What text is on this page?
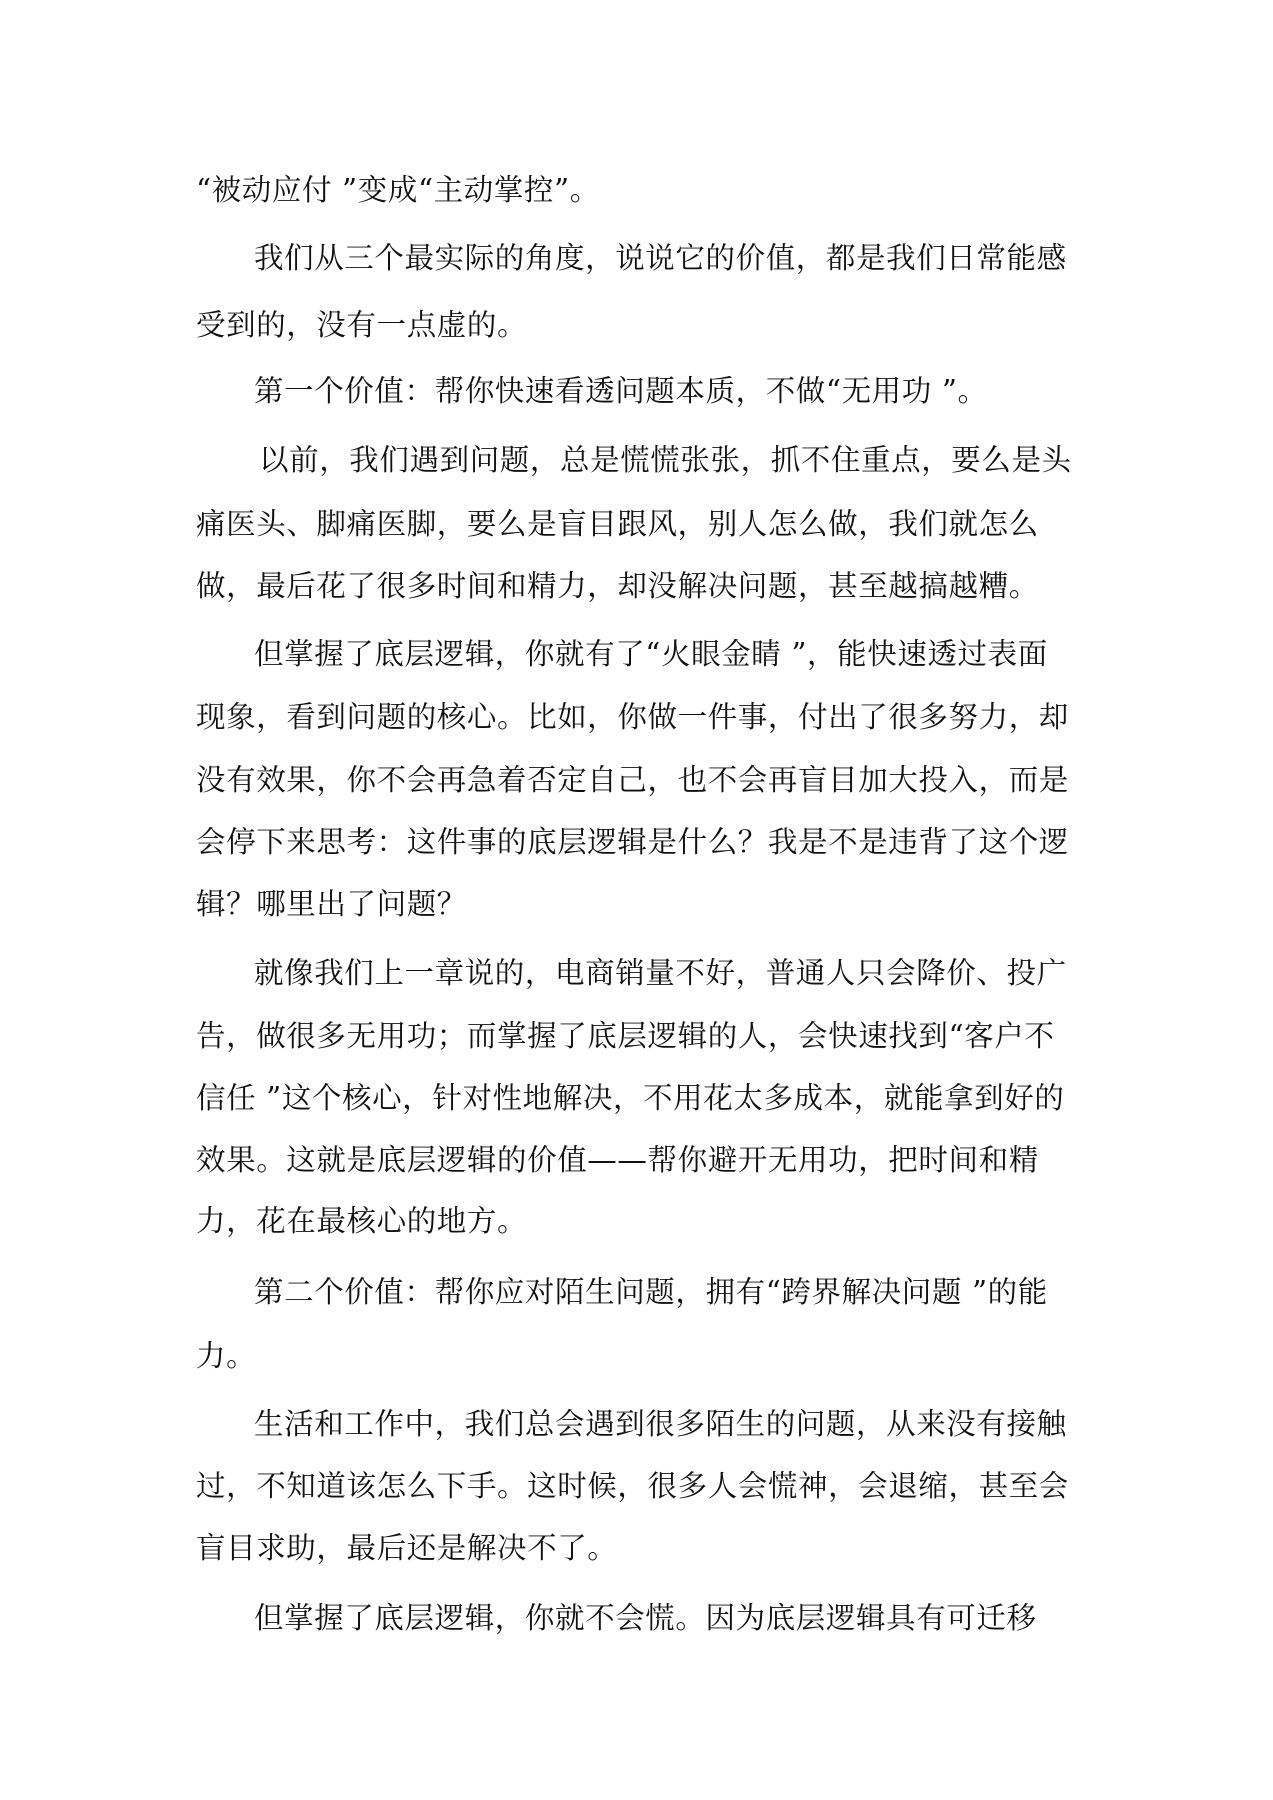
“被动应付 ”变成“主动掌控”。
我们从三个最实际的角度，说说它的价值，都是我们日常能感
受到的，没有一点虚的。
第一个价值：帮你快速看透问题本质，不做“无用功 ”。
以前，我们遇到问题，总是慌慌张张，抓不住重点，要么是头
痛医头、脚痛医脚，要么是盲目跟风，别人怎么做，我们就怎么
做，最后花了很多时间和精力，却没解决问题，甚至越搞越糟。
但掌握了底层逻辑，你就有了“火眼金睛 ”，能快速透过表面
现象，看到问题的核心。比如，你做一件事，付出了很多努力，却
没有效果，你不会再急着否定自己，也不会再盲目加大投入，而是
会停下来思考：这件事的底层逻辑是什么？我是不是违背了这个逻
辑？哪里出了问题？
就像我们上一章说的，电商销量不好，普通人只会降价、投广
告，做很多无用功；而掌握了底层逻辑的人，会快速找到“客户不
信任 ”这个核心，针对性地解决，不用花太多成本，就能拿到好的
效果。这就是底层逻辑的价值——帮你避开无用功，把时间和精
力，花在最核心的地方。
第二个价值：帮你应对陌生问题，拥有“跨界解决问题 ”的能
力。
生活和工作中，我们总会遇到很多陌生的问题，从来没有接触
过，不知道该怎么下手。这时候，很多人会慌神，会退缩，甚至会
盲目求助，最后还是解决不了。
但掌握了底层逻辑，你就不会慌。因为底层逻辑具有可迁移
